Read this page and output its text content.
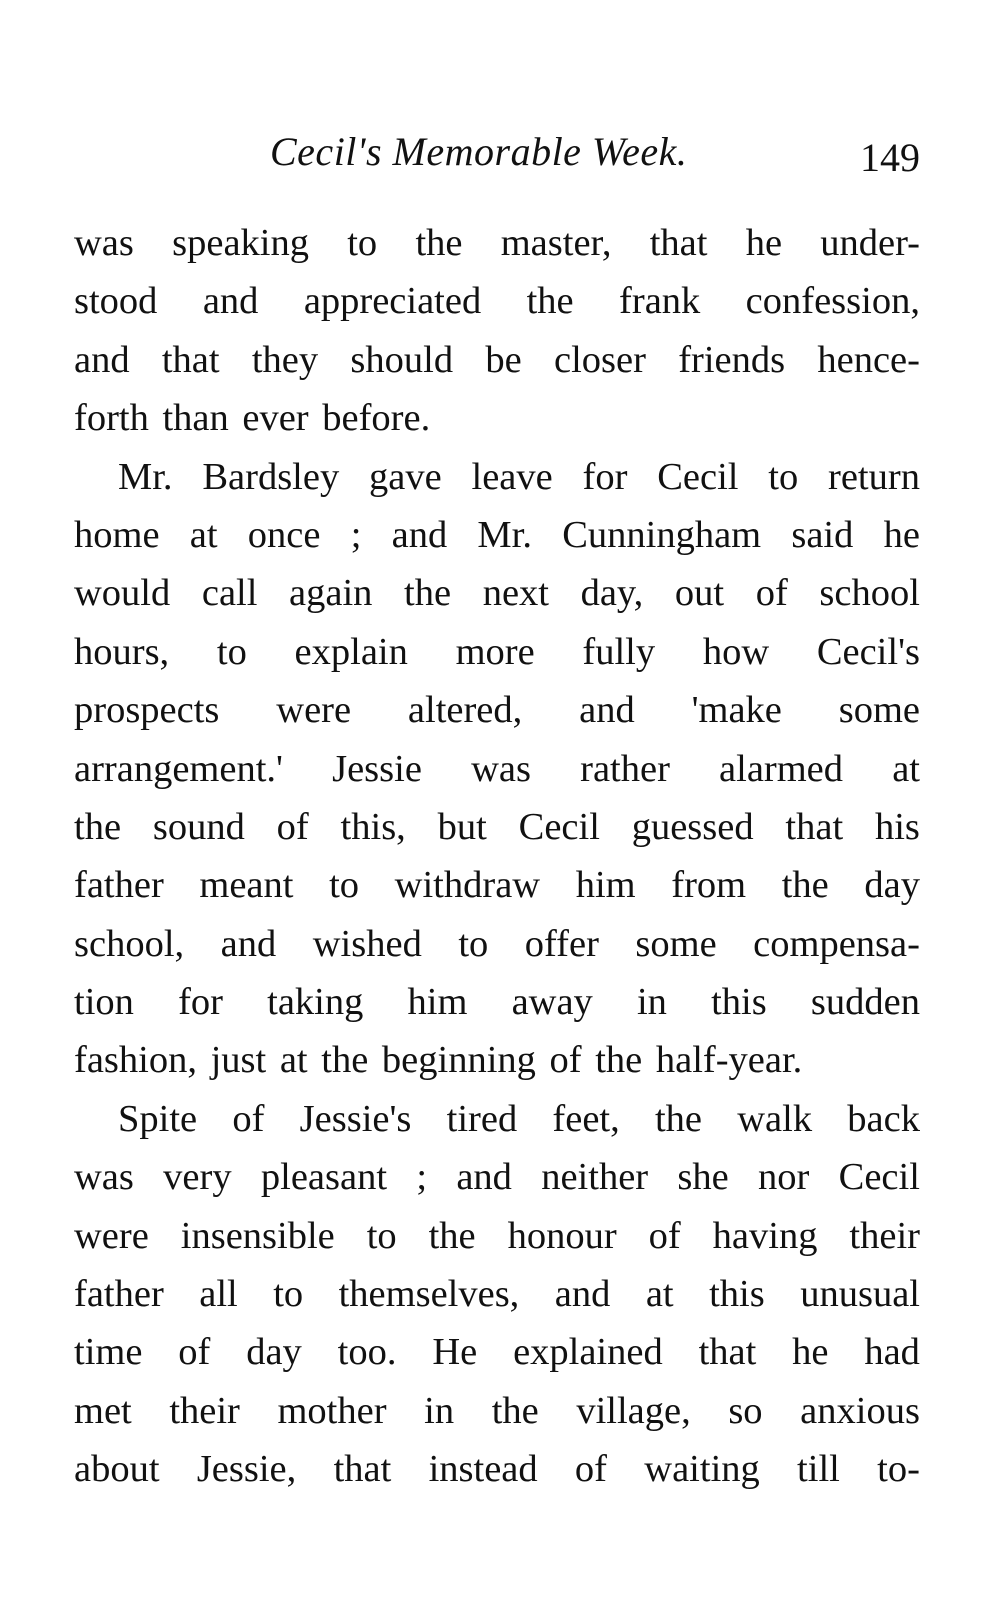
Cecil's Memorable Week.	149
was speaking to the master, that he under-
stood and appreciated the frank confession,
and that they should be closer friends hence-
forth than ever before.
Mr. Bardsley gave leave for Cecil to return
home at once ; and Mr. Cunningham said he
would call again the next day, out of school
hours, to explain more fully how Cecil's
prospects were altered, and 'make some
arrangement.' Jessie was rather alarmed at
the sound of this, but Cecil guessed that his
father meant to withdraw him from the day
school, and wished to offer some compensa-
tion for taking him away in this sudden
fashion, just at the beginning of the half-year.
Spite of Jessie's tired feet, the walk back
was very pleasant ; and neither she nor Cecil
were insensible to the honour of having their
father all to themselves, and at this unusual
time of day too. He explained that he had
met their mother in the village, so anxious
about Jessie, that instead of waiting till to-
